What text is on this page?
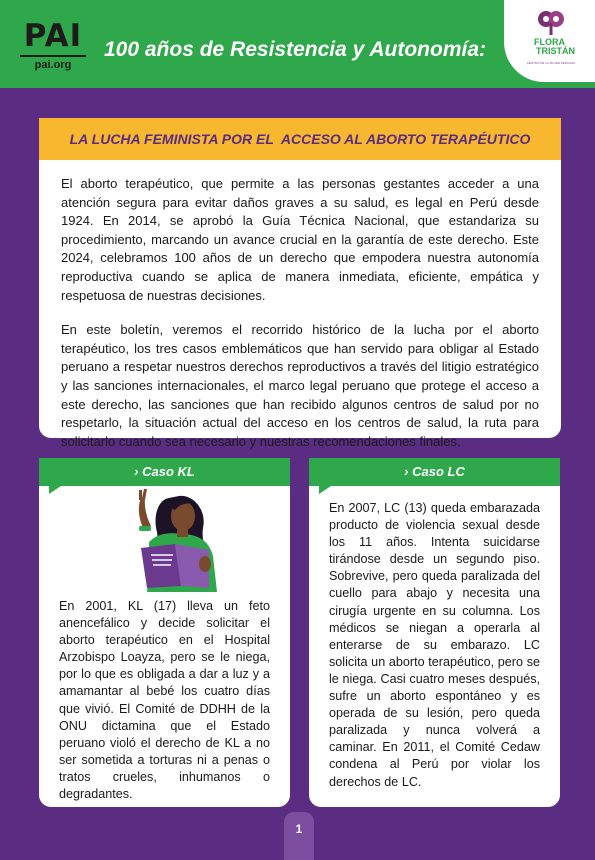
PAI
pai.org
100 años de Resistencia y Autonomía:	FLORA
TRISTÁN
CENTRO DE LA MUJER PERUANA
LA LUCHA FEMINISTA POR EL  ACCESO AL ABORTO TERAPÉUTICO

El aborto terapéutico, que permite a las personas gestantes acceder a una atención segura para evitar daños graves a su salud, es legal en Perú desde 1924. En 2014, se aprobó la Guía Técnica Nacional, que estandariza su procedimiento, marcando un avance crucial en la garantía de este derecho. Este 2024, celebramos 100 años de un derecho que empodera nuestra autonomía reproductiva cuando se aplica de manera inmediata, eficiente, empática y respetuosa de nuestras decisiones.

En este boletín, veremos el recorrido histórico de la lucha por el aborto terapéutico, los tres casos emblemáticos que han servido para obligar al Estado peruano a respetar nuestros derechos reproductivos a través del litigio estratégico y las sanciones internacionales, el marco legal peruano que protege el acceso a este derecho, las sanciones que han recibido algunos centros de salud por no respetarlo, la situación actual del acceso en los centros de salud, la ruta para solicitarlo cuando sea necesario y nuestras recomendaciones finales.

› Caso KL

En 2001, KL (17) lleva un feto anencefálico y decide solicitar el aborto terapéutico en el Hospital Arzobispo Loayza, pero se le niega, por lo que es obligada a dar a luz y a amamantar al bebé los cuatro días que vivió. El Comité de DDHH de la ONU dictamina que el Estado peruano violó el derecho de KL a no ser sometida a torturas ni a penas o tratos crueles, inhumanos o degradantes.

› Caso LC

En 2007, LC (13) queda embarazada producto de violencia sexual desde los 11 años. Intenta suicidarse tirándose desde un segundo piso. Sobrevive, pero queda paralizada del cuello para abajo y necesita una cirugía urgente en su columna. Los médicos se niegan a operarla al enterarse de su embarazo. LC solicita un aborto terapéutico, pero se le niega. Casi cuatro meses después, sufre un aborto espontáneo y es operada de su lesión, pero queda paralizada y nunca volverá a caminar. En 2011, el Comité Cedaw condena al Perú por violar los derechos de LC.

1
